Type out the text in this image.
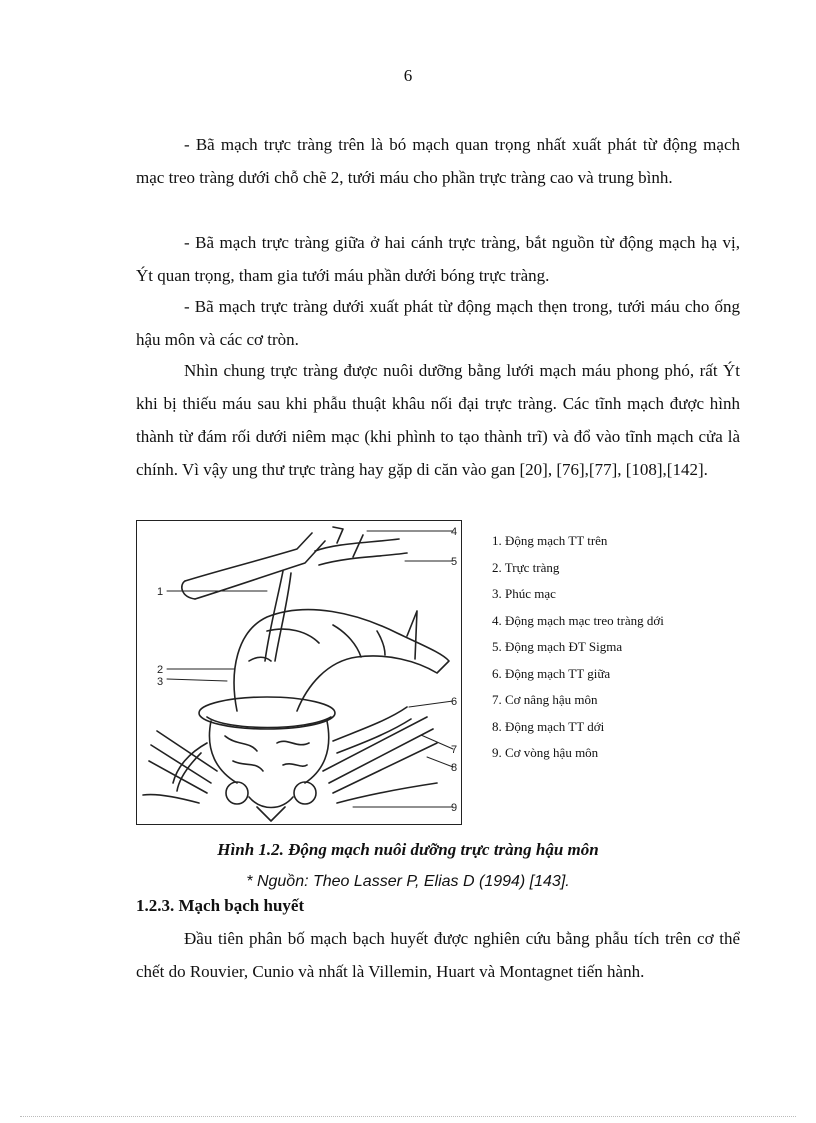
6

- Bã mạch trực tràng trên là bó mạch quan trọng nhất xuất phát từ động mạch mạc treo tràng dưới chỗ chẽ 2, tưới máu cho phần trực tràng cao và trung bình.

- Bã mạch trực tràng giữa ở hai cánh trực tràng, bắt nguồn từ động mạch hạ vị, Ýt quan trọng, tham gia tưới máu phần dưới bóng trực tràng.

- Bã mạch trực tràng dưới xuất phát từ động mạch thẹn trong, tưới máu cho ống hậu môn và các cơ tròn.

Nhìn chung trực tràng được nuôi dưỡng bằng lưới mạch máu phong phó, rất Ýt khi bị thiếu máu sau khi phẫu thuật khâu nối đại trực tràng. Các tĩnh mạch được hình thành từ đám rối dưới niêm mạc (khi phình to tạo thành trĩ) và đổ vào tĩnh mạch cửa là chính. Vì vậy ung thư trực tràng hay gặp di căn vào gan [20], [76],[77], [108],[142].

1
2
3
4
5
6
7
8
9
1. Động mạch TT trên
2. Trực tràng
3. Phúc mạc
4. Động mạch mạc treo tràng dới
5. Động mạch ĐT Sigma
6. Động mạch TT giữa
7. Cơ nâng hậu môn
8. Động mạch TT dới
9. Cơ vòng hậu môn
Hình 1.2. Động mạch nuôi dưỡng trực tràng hậu môn
* Nguồn: Theo Lasser P, Elias D (1994) [143].
1.2.3. Mạch bạch huyết

Đầu tiên phân bố mạch bạch huyết được nghiên cứu bằng phẫu tích trên cơ thể chết do Rouvier, Cunio và nhất là Villemin, Huart và Montagnet tiến hành.
